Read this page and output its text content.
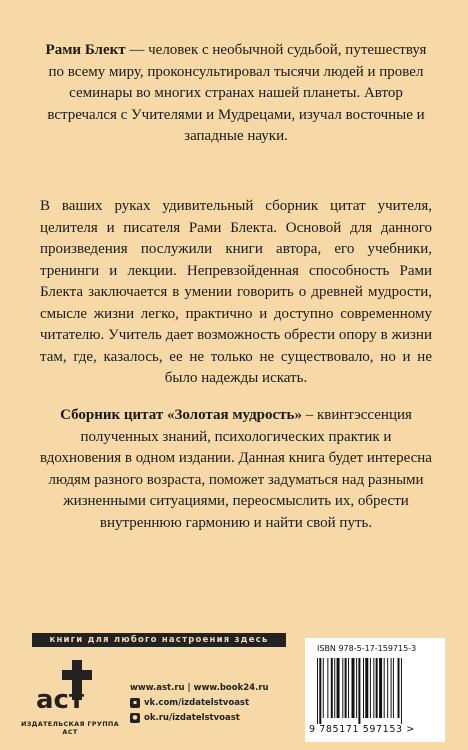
Рами Блект — человек с необычной судьбой, путешествуя по всему миру, проконсультировал тысячи людей и провел семинары во многих странах нашей планеты. Автор встречался с Учителями и Мудрецами, изучал восточные и западные науки.

В ваших руках удивительный сборник цитат учителя, целителя и писателя Рами Блекта. Основой для данного произведения послужили книги автора, его учебники, тренинги и лекции. Непревзойденная способность Рами Блекта заключается в умении говорить о древней мудрости, смысле жизни легко, практично и доступно современному читателю. Учитель дает возможность обрести опору в жизни там, где, казалось, ее не только не существовало, но и не было надежды искать.

Сборник цитат «Золотая мудрость» – квинтэссенция полученных знаний, психологических практик и вдохновения в одном издании. Данная книга будет интересна людям разного возраста, поможет задуматься над разными жизненными ситуациями, переосмыслить их, обрести внутреннюю гармонию и найти свой путь.

книги для любого настроения здесь
аст
ИЗДАТЕЛЬСКАЯ ГРУППА АСТ
www.ast.ru | www.book24.ru
▪ vk.com/izdatelstvoast
● ok.ru/izdatelstvoast
ISBN 978-5-17-159715-3
9 785171 597153 >
